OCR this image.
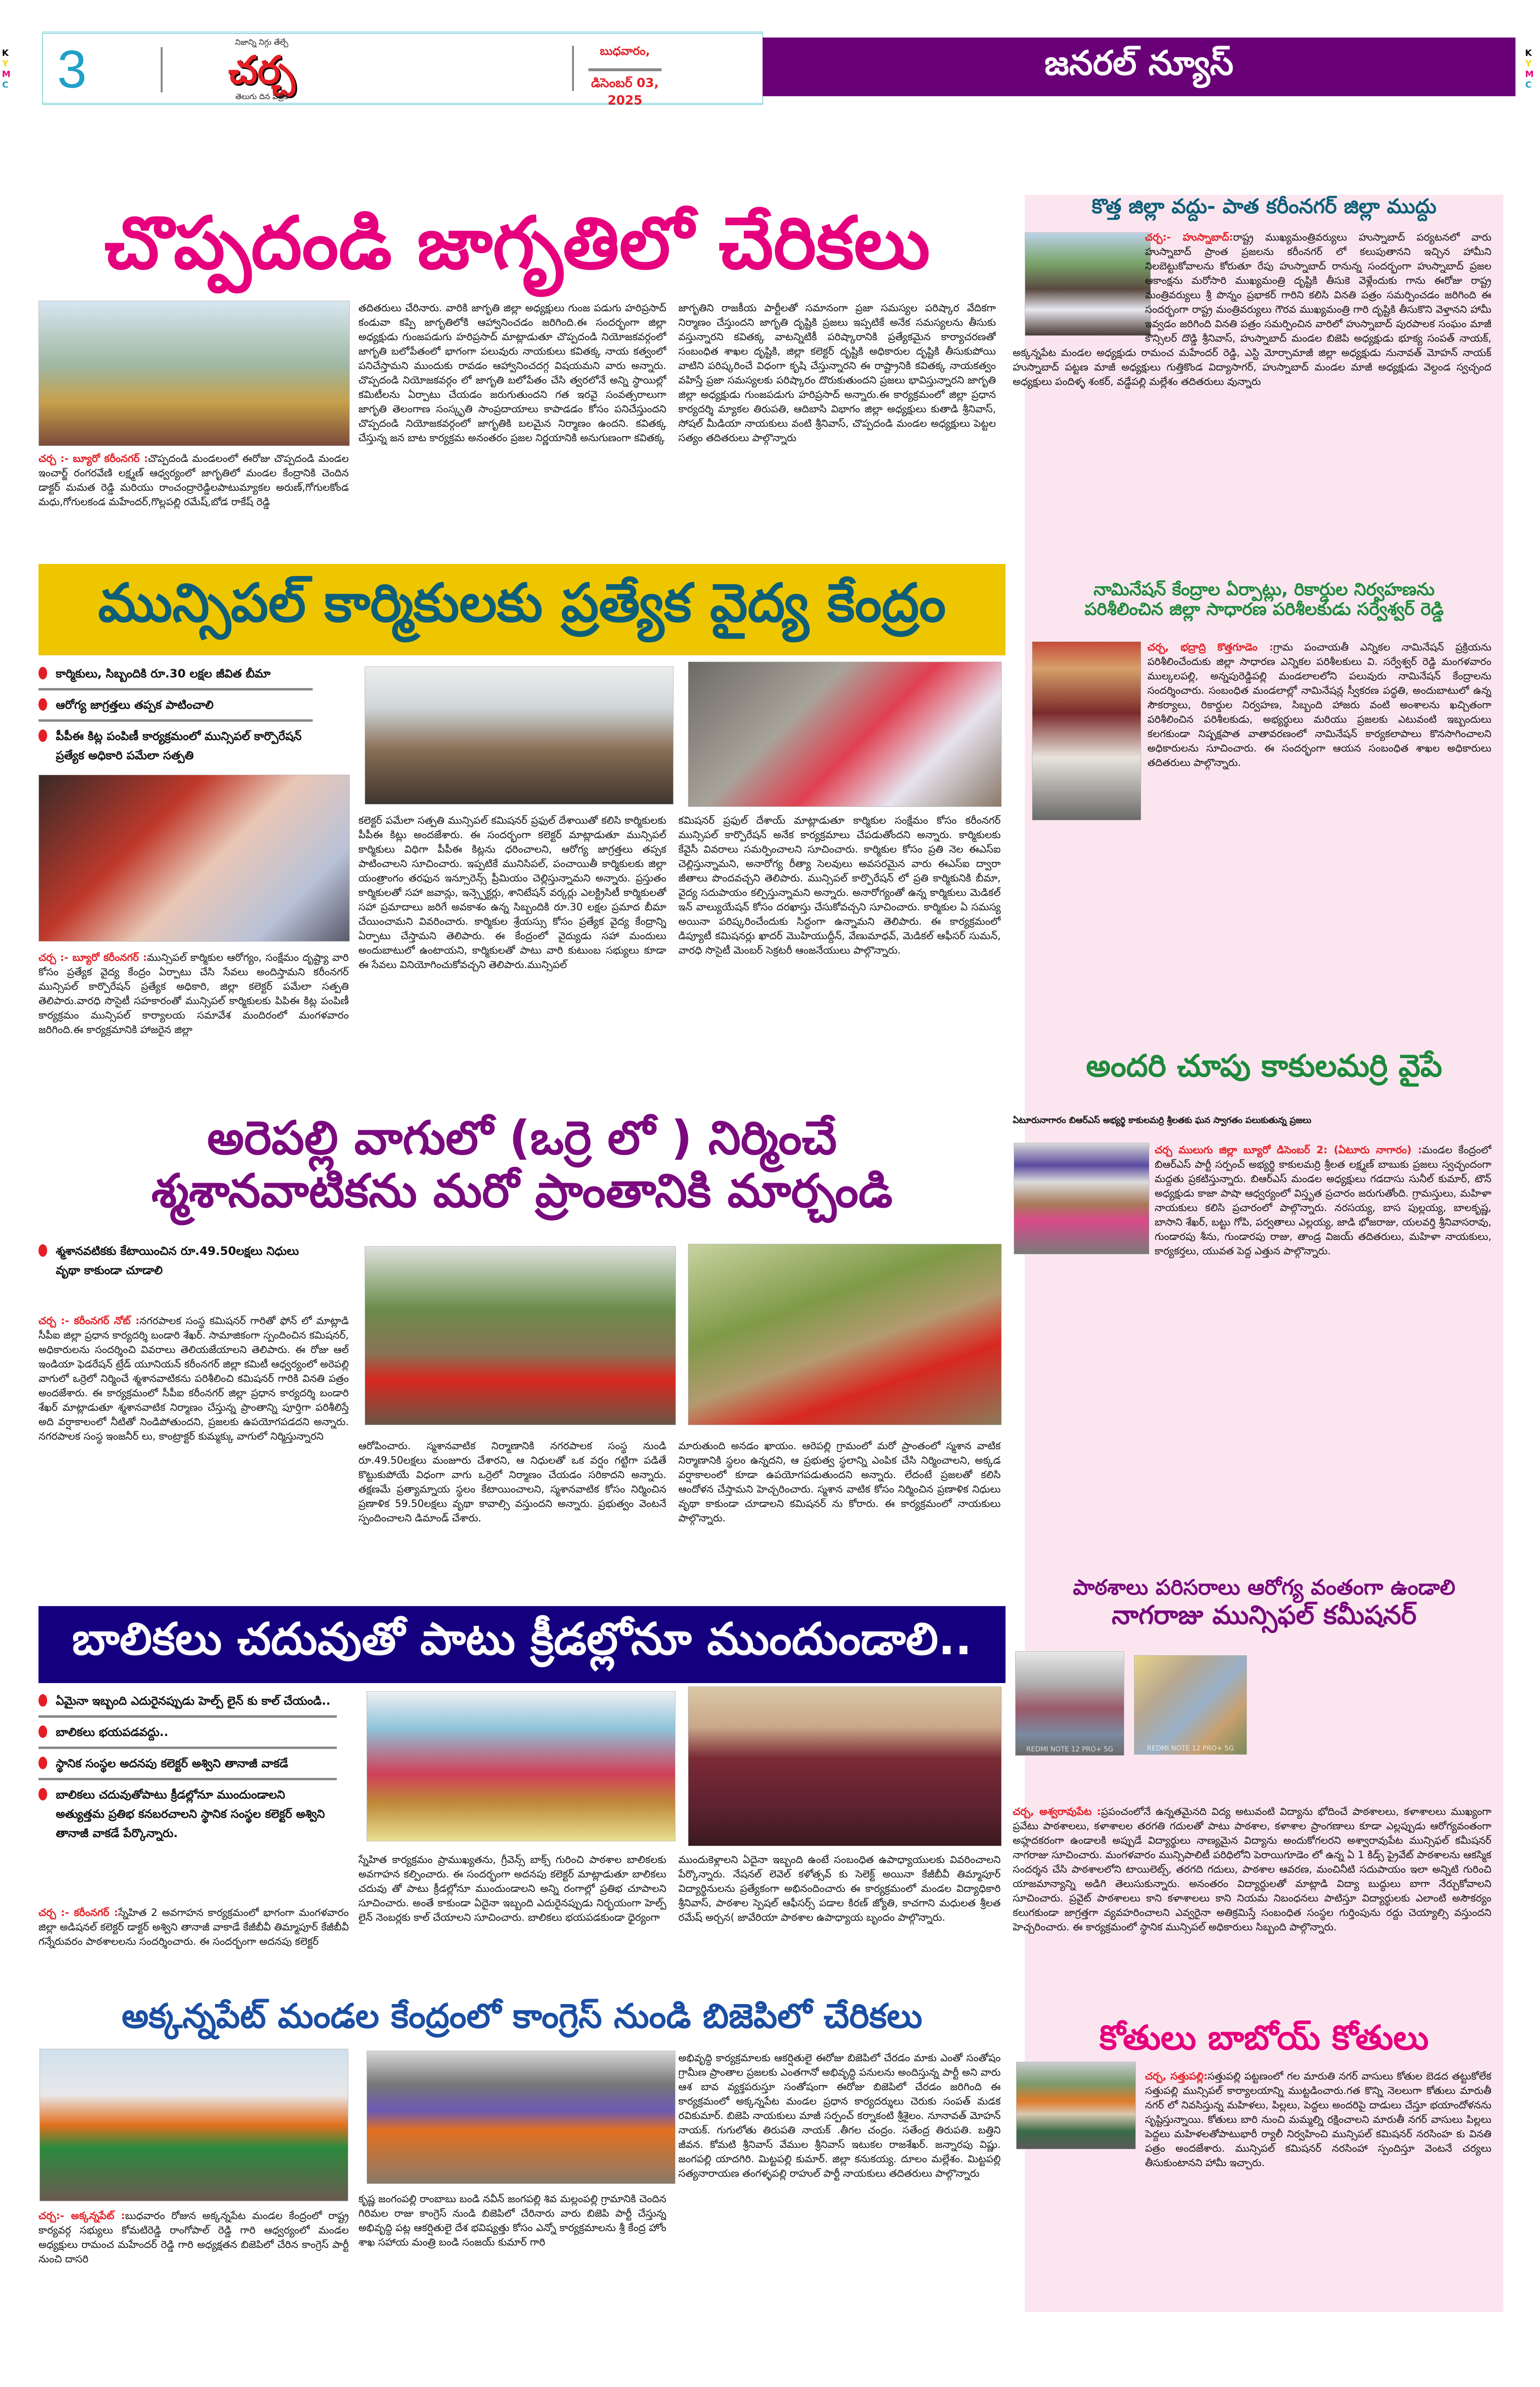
K
Y
M
C
K
Y
M
C
3	నిజాన్ని నిగ్గు తేల్చే
చర్చ
తెలుగు దిన పత్రిక
బుధవారం,
డిసెంబర్ 03, 2025
జనరల్ న్యూస్
చొప్పదండి జాగృతిలో చేరికలు
చర్చ :- బ్యూరో కరీంనగర్ :చొప్పదండి మండలంలో ఈరోజు చొప్పదండి మండల ఇంచార్జ్ రంగరవేణి లక్ష్మణ్ ఆధ్వర్యంలో జాగృతిలో మండల కేంద్రానికి చెందిన డాక్టర్ మమత రెడ్డి మరియు రాంచంద్రారెడ్డిలపాటుమ్యాకల అరుణ్,గోగులకోండ మధు,గోగులకండ మహేందర్,గొల్లపల్లి రమేష్,బోడ రాకేష్ రెడ్డి
తదితరులు చేరినారు. వారికి జాగృతి జిల్లా అధ్యక్షులు గుంజ పడుగు హరిప్రసాద్ కండువా కప్పి జాగృతిలోకి ఆహ్వానించడం జరిగింది.ఈ సందర్భంగా జిల్లా అధ్యక్షుడు గుంజపడుగు హరిప్రసాద్ మాట్లాడుతూ చొప్పదండి నియోజకవర్గంలో జాగృతి బలోపేతంలో భాగంగా పలువురు నాయకులు కవితక్క నాయ కత్వంలో పనిచేస్తామని ముందుకు రావడం ఆహ్వానించదగ్గ విషయమని వారు అన్నారు. చొప్పదండి నియోజకవర్గం లో జాగృతి బలోపేతం చేసి త్వరలోనే అన్ని స్థాయిల్లో కమిటీలను ఏర్పాటు చేయడం జరుగుతుందని గత ఇరవై సంవత్సరాలుగా జాగృతి తెలంగాణ సంస్కృతి సాంప్రదాయాలు కాపాడడం కోసం పనిచేస్తుందని చొప్పదండి నియోజకవర్గంలో జాగృతికి బలమైన నిర్మాణం ఉందని. కవితక్క చేస్తున్న జన బాట కార్యక్రమ అనంతరం ప్రజల నిర్ణయానికి అనుగుణంగా కవితక్క
జాగృతిని రాజకీయ పార్టీలతో సమానంగా ప్రజా సమస్యల పరిష్కార వేదికగా నిర్మాణం చేస్తుందని జాగృతి దృష్టికి ప్రజలు ఇప్పటికే అనేక సమస్యలను తీసుకు వస్తున్నారని కవితక్క వాటన్నిటికీ పరిష్కారానికి ప్రత్యేకమైన కార్యాచరణతో సంబంధిత శాఖల దృష్టికి, జిల్లా కలెక్టర్ దృష్టికి అధికారుల దృష్టికి తీసుకుపోయి వాటిని పరిష్కరించే విధంగా కృషి చేస్తున్నారని ఈ రాష్ట్రానికి కవితక్క నాయకత్వం వహిస్తే ప్రజా సమస్యలకు పరిష్కారం దొరుకుతుందని ప్రజలు భావిస్తున్నారని జాగృతి జిల్లా అధ్యక్షుడు గుంజపడుగు హరిప్రసాద్ అన్నారు.ఈ కార్యక్రమంలో జిల్లా ప్రధాన కార్యదర్శి మ్యాకల తిరుపతి, ఆదిబాసి విభాగం జిల్లా అధ్యక్షులు కుతాడి శ్రీనివాస్, సోషల్ మీడియా నాయకులు వంటి శ్రీనివాస్, చొప్పదండి మండల అధ్యక్షులు పెట్టల సత్యం తదితరులు పాల్గొన్నారు
మున్సిపల్ కార్మికులకు ప్రత్యేక వైద్య కేంద్రం
కార్మికులు, సిబ్బందికి రూ.30 లక్షల జీవిత బీమా
ఆరోగ్య జాగ్రత్తలు తప్పక పాటించాలి
పీపీఈ కిట్ల పంపిణీ కార్యక్రమంలో మున్సిపల్ కార్పొరేషన్ ప్రత్యేక అధికారి పమేలా సత్పతి
చర్చ :- బ్యూరో కరీంనగర్ :మున్సిపల్ కార్మికుల ఆరోగ్యం, సంక్షేమం దృష్ట్యా వారి కోసం ప్రత్యేక వైద్య కేంద్రం ఏర్పాటు చేసి సేవలు అందిస్తామని కరీంనగర్ మున్సిపల్ కార్పొరేషన్ ప్రత్యేక అధికారి, జిల్లా కలెక్టర్ పమేలా సత్పతి తెలిపారు.వారధి సొసైటీ సహకారంతో మున్సిపల్ కార్మికులకు పిపిఈ కిట్ల పంపిణీ కార్యక్రమం మున్సిపల్ కార్యాలయ సమావేశ మందిరంలో మంగళవారం జరిగింది.ఈ కార్యక్రమానికి హాజరైన జిల్లా
కలెక్టర్ పమేలా సత్పతి మున్సిపల్ కమిషనర్ ప్రఫుల్ దేశాయితో కలిసి కార్మికులకు పీపీఈ కిట్లు అందజేశారు. ఈ సందర్భంగా కలెక్టర్ మాట్లాడుతూ మున్సిపల్ కార్మికులు విధిగా పీపీఈ కిట్లను ధరించాలని, ఆరోగ్య జాగ్రత్తలు తప్పక పాటించాలని సూచించారు. ఇప్పటికే మునిసిపల్, పంచాయితీ కార్మికులకు జిల్లా యంత్రాంగం తరఫున ఇన్సూరెన్స్ ప్రీమియం చెల్లిస్తున్నామని అన్నారు. ప్రస్తుతం కార్మికులతో సహా జవాన్లు, ఇన్స్పెక్టర్లు, శానిటేషన్ వర్కర్లు ఎలక్ట్రిసిటీ కార్మికులతో సహా ప్రమాదాలు జరిగే అవకాశం ఉన్న సిబ్బందికి రూ.30 లక్షల ప్రమాద బీమా చేయించామని వివరించారు. కార్మికుల శ్రేయస్సు కోసం ప్రత్యేక వైద్య కేంద్రాన్ని ఏర్పాటు చేస్తామని తెలిపారు. ఈ కేంద్రంలో వైద్యుడు సహా మందులు అందుబాటులో ఉంటాయని, కార్మికులతో పాటు వారి కుటుంబ సభ్యులు కూడా ఈ సేవలు వినియోగించుకోవచ్చని తెలిపారు.మున్సిపల్
కమిషనర్ ప్రఫుల్ దేశాయ్ మాట్లాడుతూ కార్మికుల సంక్షేమం కోసం కరీంనగర్ మున్సిపల్ కార్పొరేషన్ అనేక కార్యక్రమాలు చేపడుతోందని అన్నారు. కార్మికులకు కేవైసీ వివరాలు సమర్పించాలని సూచించారు. కార్మికుల కోసం ప్రతి నెల ఈఎస్ఐ చెల్లిస్తున్నామని, అనారోగ్య రీత్యా సెలవులు అవసరమైన వారు ఈఎస్ఐ ద్వారా జీతాలు పొందవచ్చని తెలిపారు. మున్సిపల్ కార్పొరేషన్ లో ప్రతి కార్మికునికి బీమా, వైద్య సదుపాయం కల్పిస్తున్నామని అన్నారు. అనారోగ్యంతో ఉన్న కార్మికులు మెడికల్ ఇన్ వాల్యుయేషన్ కోసం దరఖాస్తు చేసుకోవచ్చని సూచించారు. కార్మికుల ఏ సమస్య అయినా పరిష్కరించేందుకు సిద్ధంగా ఉన్నామని తెలిపారు. ఈ కార్యక్రమంలో డిప్యూటీ కమిషనర్లు ఖాదర్ మొహియుద్దీన్, వేణుమాధవ్, మెడికల్ ఆఫీసర్ సుమన్, వారధి సొసైటీ మెంబర్ సెక్రటరీ ఆంజనేయులు పాల్గొన్నారు.
అరెపల్లి వాగులో (ఒర్రె లో ) నిర్మించే
శ్మశానవాటికను మరో ప్రాంతానికి మార్చండి
శ్మశానవటికకు కేటాయించిన రూ.49.50లక్షలు నిధులు వృథా కాకుండా చూడాలి
చర్చ :- కరీంనగర్ నోట్ :నగరపాలక సంస్థ కమిషనర్ గారితో ఫోన్ లో మాట్లాడి సీపీఐ జిల్లా ప్రధాన కార్యదర్శి బండారి శేఖర్. సామాజికంగా స్పందించిన కమిషనర్, అధికారులను సందర్శించి వివరాలు తెలియజేయాలని తెలిపారు. ఈ రోజు ఆల్ ఇండియా ఫెడరేషన్ ట్రేడ్ యూనియన్ కరీంనగర్ జిల్లా కమిటీ ఆధ్వర్యంలో అరెపల్లి వాగులో ఒర్రెలో నిర్మించే శ్మశానవాటికను పరిశీలించి కమిషనర్ గారికి వినతి పత్రం అందజేశారు. ఈ కార్యక్రమంలో సీపీఐ కరీంనగర్ జిల్లా ప్రధాన కార్యదర్శి బండారి శేఖర్ మాట్లాడుతూ శ్మశానవాటిక నిర్మాణం చేస్తున్న ప్రాంతాన్ని పూర్తిగా పరిశీలిస్తే అది వర్షాకాలంలో నీటితో నిండిపోతుందని, ప్రజలకు ఉపయోగపడదని అన్నారు. నగరపాలక సంస్థ ఇంజనీర్ లు, కాంట్రాక్టర్ కుమ్మక్కు వాగులో నిర్మిస్తున్నారని
ఆరోపించారు. స్మశానవాటిక నిర్మాణానికి నగరపాలక సంస్థ నుండి రూ.49.50లక్షలు మంజూరు చేశారని, ఆ నిధులతో ఒక వర్షం గట్టిగా పడితే కొట్టుకుపోయే విధంగా వాగు ఒర్రెలో నిర్మాణం చేయడం సరికాదని అన్నారు. తక్షణమే ప్రత్యామ్నాయ స్థలం కేటాయించాలని, స్మశానవాటిక కోసం నిర్మించిన ప్రణాళిక 59.50లక్షలు వృథా కావాల్సి వస్తుందని అన్నారు. ప్రభుత్వం వెంటనే స్పందించాలని డిమాండ్ చేశారు.
మారుతుంది అనడం ఖాయం. ఆరెపల్లి గ్రామంలో మరో ప్రాంతంలో స్మశాన వాటిక నిర్మాణానికి స్థలం ఉన్నదని, ఆ ప్రభుత్వ స్థలాన్ని ఎంపిక చేసి నిర్మించాలని, అక్కడ వర్షాకాలంలో కూడా ఉపయోగపడుతుందని అన్నారు. లేదంటే ప్రజలతో కలిసి ఆందోళన చేస్తామని హెచ్చరించారు. స్మశాన వాటిక కోసం నిర్మించిన ప్రణాళిక నిధులు వృథా కాకుండా చూడాలని కమిషనర్ ను కోరారు. ఈ కార్యక్రమంలో నాయకులు పాల్గొన్నారు.
బాలికలు చదువుతో పాటు క్రీడల్లోనూ ముందుండాలి..
ఏమైనా ఇబ్బంది ఎదురైనప్పుడు హెల్ప్ లైన్ కు కాల్ చేయండి..
బాలికలు భయపడవద్దు..
స్థానిక సంస్థల అదనపు కలెక్టర్ అశ్విని తానాజీ వాకడే
బాలికలు చదువుతోపాటు క్రీడల్లోనూ ముందుండాలని అత్యుత్తమ ప్రతిభ కనబరచాలని స్థానిక సంస్థల కలెక్టర్ అశ్విని తానాజీ వాకడే పేర్కొన్నారు.
చర్చ :- కరీంనగర్ :స్నేహిత 2 అవగాహన కార్యక్రమంలో భాగంగా మంగళవారం జిల్లా అడిషనల్ కలెక్టర్ డాక్టర్ అశ్విని తానాజీ వాకాడే కేజీబీవీ తిమ్మాపూర్ కేజీబీవీ గన్నేరువరం పాఠశాలలను సందర్శించారు. ఈ సందర్భంగా అదనపు కలెక్టర్
స్నేహిత కార్యక్రమం ప్రాముఖ్యతను, గ్రీవెన్స్ బాక్స్ గురించి పాఠశాల బాలికలకు అవగాహన కల్పించారు. ఈ సందర్భంగా అదనపు కలెక్టర్ మాట్లాడుతూ బాలికలు చదువు తో పాటు క్రీడల్లోనూ ముందుండాలని అన్ని రంగాల్లో ప్రతిభ చూపాలని సూచించారు. అంతే కాకుండా ఏదైనా ఇబ్బంది ఎదురైనప్పుడు నిర్భయంగా హెల్ప్ లైన్ నెంబర్లకు కాల్ చేయాలని సూచించారు. బాలికలు భయపడకుండా ధైర్యంగా
ముందుకెళ్లాలని ఏదైనా ఇబ్బంది ఉంటే సంబంధిత ఉపాధ్యాయులకు వివరించాలని పేర్కొన్నారు. నేషనల్ లెవెల్ కళోత్సవ్ కు సెలెక్ట్ అయినా కేజీబీవీ తిమ్మాపూర్ విద్యార్థినులను ప్రత్యేకంగా అభినందించారు ఈ కార్యక్రమంలో మండల విద్యాధికారి శ్రీనివాస్, పాఠశాల స్పెషల్ ఆఫీసర్స్ పడాల కిరణ్ జ్యోతి, కాచగాని మధులత శ్రీలత రమేష్ అర్చన( జావేరియా పాఠశాల ఉపాధ్యాయ బృందం పాల్గొన్నారు.
అక్కన్నపేట్ మండల కేంద్రంలో కాంగ్రెస్ నుండి బిజెపిలో చేరికలు
చర్చ:- అక్కన్నపేట్ :బుధవారం రోజున అక్కన్నపేట మండల కేంద్రంలో రాష్ట్ర కార్యవర్గ సభ్యులు కోమటిరెడ్డి రాంగోపాల్ రెడ్డి గారి ఆధ్వర్యంలో మండల అధ్యక్షులు రామంచ మహేందర్ రెడ్డి గారి అధ్యక్షతన బిజెపిలో చేరిన కాంగ్రెస్ పార్టీ నుంచి దాసరి
కృష్ణ జంగంపల్లి రాంబాబు బండి నవీన్ జంగపల్లి శివ మల్లంపల్లి గ్రామానికి చెందిన గిరిమల రాజు కాంగ్రెస్ నుండి బిజెపిలో చేరినారు వారు బిజెపి పార్టీ చేస్తున్న అభివృద్ధి పట్ల ఆకర్షితులై దేశ భవిష్యత్తు కోసం ఎన్నో కార్యక్రమాలను శ్రీ కేంద్ర హోం శాఖ సహాయ మంత్రి బండి సంజయ్ కుమార్ గారి
అభివృద్ధి కార్యక్రమాలకు ఆకర్షితులై ఈరోజు బిజెపిలో చేరడం మాకు ఎంతో సంతోషం గ్రామీణ ప్రాంతాల ప్రజలకు ఎంతగానో అభివృద్ధి పనులను అందిస్తున్న పార్టీ అని వారు ఆశ బావ వ్యక్తపరుస్తూ సంతోషంగా ఈరోజు బిజెపిలో చేరడం జరిగింది ఈ కార్యక్రమంలో అక్కన్నపేట మండల ప్రధాన కార్యదర్శులు చెరుకు సంపత్ మడక రవికుమార్. బిజెపి నాయకులు మాజీ సర్పంచ్ కర్నాకంటి శ్రీశైలం. నూనావత్ మోహన్ నాయక్. గుగులోతు తిరుపతి నాయక్ .తీగల చంద్రం. సతేంద్ర తిరుపతి. బత్తిని జీవన. కోమటి శ్రీనివాస్ వేముల శ్రీనివాస్ ఇటుకల రాజశేఖర్. జన్నారపు విష్ణు. జంగపల్లి యాదగిరి. మిట్టపల్లి కుమార్. జిల్లా కనుకయ్య. దూలం మల్లేశం. మిట్టపల్లి సత్యనారాయణ తంగళ్ళపల్లి రాహుల్ పార్టీ నాయకులు తదితరులు పాల్గొన్నారు
కొత్త జిల్లా వద్దు- పాత కరీంనగర్ జిల్లా ముద్దు
చర్చ:- హుస్నాబాద్:రాష్ట్ర ముఖ్యమంత్రివర్యులు హుస్నాబాద్ పర్యటనలో వారు హుస్నాబాద్ ప్రాంత ప్రజలను కరీంనగర్ లో కలుపుతానని ఇచ్చిన హామీని నిలబెట్టుకోవాలను కోరుతూ రేపు హుస్నాబాద్ రానున్న సందర్భంగా హుస్నాబాద్ ప్రజల ఆకాంక్షను మరోసారి ముఖ్యమంత్రి దృష్టికి తీసుకె వెళ్లేందుకు గాను ఈరోజు రాష్ట్ర మంత్రివర్యులు శ్రీ పొన్నం ప్రభాకర్ గారిని కలిసి వినతి పత్రం సమర్పించడం జరిగింది ఈ సందర్భంగా రాష్ట్ర మంత్రివర్యులు గౌరవ ముఖ్యమంత్రి గారి దృష్టికి తీసుకొని వెళ్తానని హామీ ఇవ్వడం జరిగింది వినతి పత్రం సమర్పించిన వారిలో హుస్నాబాద్ పురపాలక సంఘం మాజీ కౌన్సిలర్ దొడ్డి శ్రీనివాస్, హుస్నాబాద్ మండల బిజెపి అధ్యక్షుడు భూక్య సంపత్ నాయక్, అక్కన్నపేట మండల అధ్యక్షుడు రామంచ మహేందర్ రెడ్డి, ఎస్టి మోర్చామాజీ జిల్లా అధ్యక్షుడు నునావత్ మోహన్ నాయక్ హుస్నాబాద్ పట్టణ మాజీ అధ్యక్షులు గుత్తికొండ విద్యాసాగర్, హుస్నాబాద్ మండల మాజీ అధ్యక్షుడు వెల్దండ స్వచ్ఛంద అధ్యక్షులు పందిళ్ళ శంకర్, వడ్డేపల్లి మల్లేశం తదితరులు వున్నారు
నామినేషన్ కేంద్రాల ఏర్పాట్లు, రికార్డుల నిర్వహణను
పరిశీలించిన జిల్లా సాధారణ పరిశీలకుడు సర్వేశ్వర్ రెడ్డి
చర్చ, భద్రాద్రి కొత్తగూడెం :గ్రామ పంచాయతీ ఎన్నికల నామినేషన్ ప్రక్రియను పరిశీలించేందుకు జిల్లా సాధారణ ఎన్నికల పరిశీలకులు వి. సర్వేశ్వర్ రెడ్డి మంగళవారం ముల్కలపల్లి, అన్నపురెడ్డిపల్లి మండలాలలోని పలువురు నామినేషన్ కేంద్రాలను సందర్శించారు. సంబంధిత మండలాల్లో నామినేషన్ల స్వీకరణ పద్ధతి, అందుబాటులో ఉన్న సౌకర్యాలు, రికార్డుల నిర్వహణ, సిబ్బంది హాజరు వంటి అంశాలను ఖచ్చితంగా పరిశీలించిన పరిశీలకుడు, అభ్యర్థులు మరియు ప్రజలకు ఎటువంటి ఇబ్బందులు కలగకుండా నిష్పక్షపాత వాతావరణంలో నామినేషన్ కార్యకలాపాలు కొనసాగించాలని అధికారులను సూచించారు. ఈ సందర్భంగా ఆయన సంబంధిత శాఖల అధికారులు తదితరులు పాల్గొన్నారు.
అందరి చూపు కాకులమర్రి వైపే
ఏటూరునాగారం బిఆర్ఎస్ అభ్యర్థి కాకులమర్రి శ్రీలతకు ఘన స్వాగతం పలుకుతున్న ప్రజలు
చర్చ ములుగు జిల్లా బ్యూరో డిసెంబర్ 2: (ఏటూరు నాగారం) :మండల కేంద్రంలో బిఆర్ఎస్ పార్టీ సర్పంచ్ అభ్యర్థి కాకులమర్రి శ్రీలత లక్ష్మణ్ బాబుకు ప్రజలు స్వచ్ఛందంగా మద్దతు ప్రకటిస్తున్నారు. బిఆర్ఎస్ మండల అధ్యక్షులు గడదాసు సునీల్ కుమార్, టౌన్ అధ్యక్షుడు కాజా పాషా ఆధ్వర్యంలో విస్తృత ప్రచారం జరుగుతోంది. గ్రామస్తులు, మహిళా నాయకులు కలిసి ప్రచారంలో పాల్గొన్నారు. నరసయ్య, బాస పుల్లయ్య, బాలకృష్ణ, బాసాని శేఖర్, బట్టు గోపి, పర్వతాలు ఎల్లయ్య, జాడి భోజరాజు, యలవర్తి శ్రీనివాసరావు, గుండారపు శీను, గుండారపు రాజు, తాండ్ర విజయ్ తదితరులు, మహిళా నాయకులు, కార్యకర్తలు, యువత పెద్ద ఎత్తున పాల్గొన్నారు.
పాఠశాలు పరిసరాలు ఆరోగ్య వంతంగా ఉండాలి
నాగరాజు మున్సిఫల్ కమీషనర్
REDMI NOTE 12 PRO+ 5G	REDMI NOTE 12 PRO+ 5G
చర్చ, అశ్వరావుపేట :ప్రపంచంలోనే ఉన్నతమైనది విద్య అటువంటి విద్యాను భోదించే పాఠశాలలు, కళాశాలలు ముఖ్యంగా ప్రవేటు పాఠశాలలు, కళాశాలల తరగతి గదులతో పాటు పాఠశాల, కళాశాల ప్రాంగణాలు కూడా ఎల్లప్పుడు ఆరోగ్యవంతంగా అహ్లదకరంగా ఉండాలకి అప్పుడే విద్యార్థులు నాణ్యమైన విద్యాను అందుకోగలరని అశ్వారావుపేట మున్సిఫల్ కమీషనర్ నాగరాజు సూచించారు. మంగళవారం మున్సిపాలిటీ పరిధిలోని పెరాయిగూడెం లో ఉన్న ఏ 1 కిడ్స్ ప్రైవేట్ పాఠశాలను ఆకస్మిక సందర్శన చేసి పాఠశాలలోని టాయిలెట్స్, తరగది గదులు, పాఠశాల ఆవరణ, మంచినీటి సదుపాయం ఇలా అన్నిటి గురించి యాజమాన్యాన్ని అడిగి తెలుసుకున్నారు. అనంతరం విద్యార్థులతో మాట్లాడి విద్యా బుద్ధులు బాగా నేర్చుకోవాలని సూచించారు. ప్రవైట్ పాఠశాలలు కాని కళాశాలలు కాని నియమ నిబంధనలు పాటిస్తూ విద్యార్థులకు ఎలాంటి అసౌకర్యం కలుగకుండా జాగ్రత్తగా వ్యవహరించాలని ఎవ్వరైనా అతిక్రమిస్తే సంబంధిత సంస్థల గుర్తింపును రద్దు చెయ్యాల్సి వస్తుందని హెచ్చరించారు. ఈ కార్యక్రమంలో స్థానిక మున్సిపల్ అధికారులు సిబ్బంది పాల్గొన్నారు.
కోతులు బాబోయ్ కోతులు
చర్చ, సత్తుపల్లి:సత్తుపల్లి పట్టణంలో గల మారుతి నగర్ వాసులు కోతుల బెడద తట్టుకోలేక సత్తుపల్లి మున్సిపల్ కార్యాలయాన్ని ముట్టడించారు.గత కొన్ని నెలలుగా కోతులు మారుతీ నగర్ లో నివసిస్తున్న మహిళలు, పిల్లలు, పెద్దలు అందరిపై దాడులు చేస్తూ భయాందోళనను సృష్టిస్తున్నాయి. కోతులు బారి నుంచి మమ్మల్ని రక్షించాలని మారుతీ నగర్ వాసులు పిల్లలు పెద్దలు మహిళలతోపాటుభారీ ర్యాలీ నిర్వహించి మున్సిపల్ కమిషనర్ నరసింహ కు వినతి పత్రం అందజేశారు. మున్సిపల్ కమిషనర్ నరసింహా స్పందిస్తూ వెంటనే చర్యలు తీసుకుంటానని హామీ ఇచ్చారు.
